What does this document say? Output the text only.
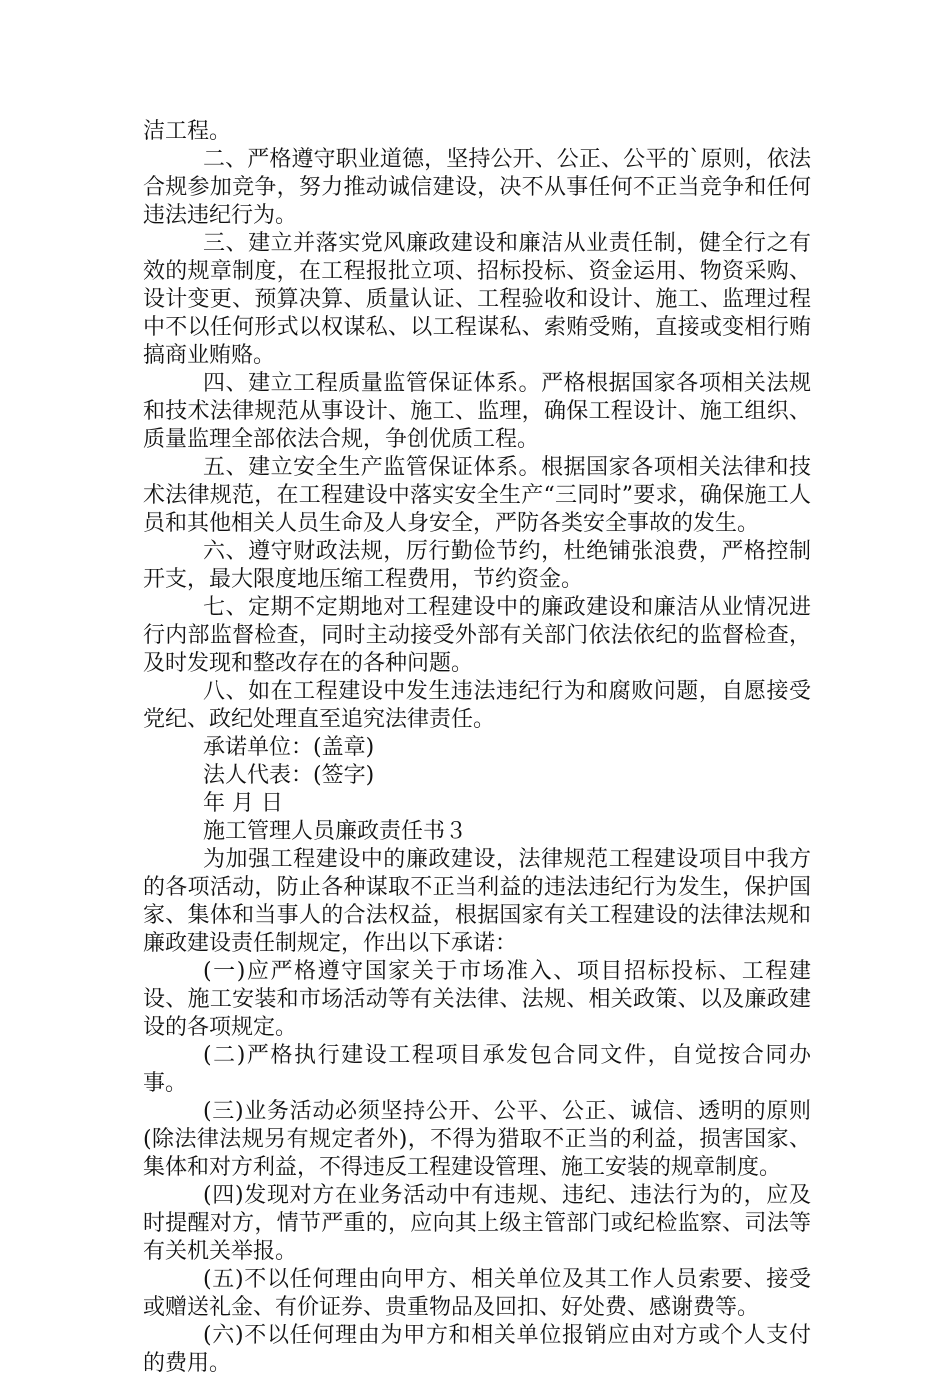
洁工程。

二、严格遵守职业道德，坚持公开、公正、公平的`原则，依法合规参加竞争，努力推动诚信建设，决不从事任何不正当竞争和任何违法违纪行为。

三、建立并落实党风廉政建设和廉洁从业责任制，健全行之有效的规章制度，在工程报批立项、招标投标、资金运用、物资采购、设计变更、预算决算、质量认证、工程验收和设计、施工、监理过程中不以任何形式以权谋私、以工程谋私、索贿受贿，直接或变相行贿搞商业贿赂。

四、建立工程质量监管保证体系。严格根据国家各项相关法规和技术法律规范从事设计、施工、监理，确保工程设计、施工组织、质量监理全部依法合规，争创优质工程。

五、建立安全生产监管保证体系。根据国家各项相关法律和技术法律规范，在工程建设中落实安全生产“三同时”要求，确保施工人员和其他相关人员生命及人身安全，严防各类安全事故的发生。

六、遵守财政法规，厉行勤俭节约，杜绝铺张浪费，严格控制开支，最大限度地压缩工程费用，节约资金。

七、定期不定期地对工程建设中的廉政建设和廉洁从业情况进行内部监督检查，同时主动接受外部有关部门依法依纪的监督检查，及时发现和整改存在的各种问题。

八、如在工程建设中发生违法违纪行为和腐败问题，自愿接受党纪、政纪处理直至追究法律责任。

承诺单位：(盖章)

法人代表：(签字)

年 月 日

施工管理人员廉政责任书３

为加强工程建设中的廉政建设，法律规范工程建设项目中我方的各项活动，防止各种谋取不正当利益的违法违纪行为发生，保护国家、集体和当事人的合法权益，根据国家有关工程建设的法律法规和廉政建设责任制规定，作出以下承诺：

(一)应严格遵守国家关于市场准入、项目招标投标、工程建设、施工安装和市场活动等有关法律、法规、相关政策、以及廉政建设的各项规定。

(二)严格执行建设工程项目承发包合同文件，自觉按合同办事。

(三)业务活动必须坚持公开、公平、公正、诚信、透明的原则(除法律法规另有规定者外)，不得为猎取不正当的利益，损害国家、集体和对方利益，不得违反工程建设管理、施工安装的规章制度。

(四)发现对方在业务活动中有违规、违纪、违法行为的，应及时提醒对方，情节严重的，应向其上级主管部门或纪检监察、司法等有关机关举报。

(五)不以任何理由向甲方、相关单位及其工作人员索要、接受或赠送礼金、有价证券、贵重物品及回扣、好处费、感谢费等。

(六)不以任何理由为甲方和相关单位报销应由对方或个人支付的费用。
